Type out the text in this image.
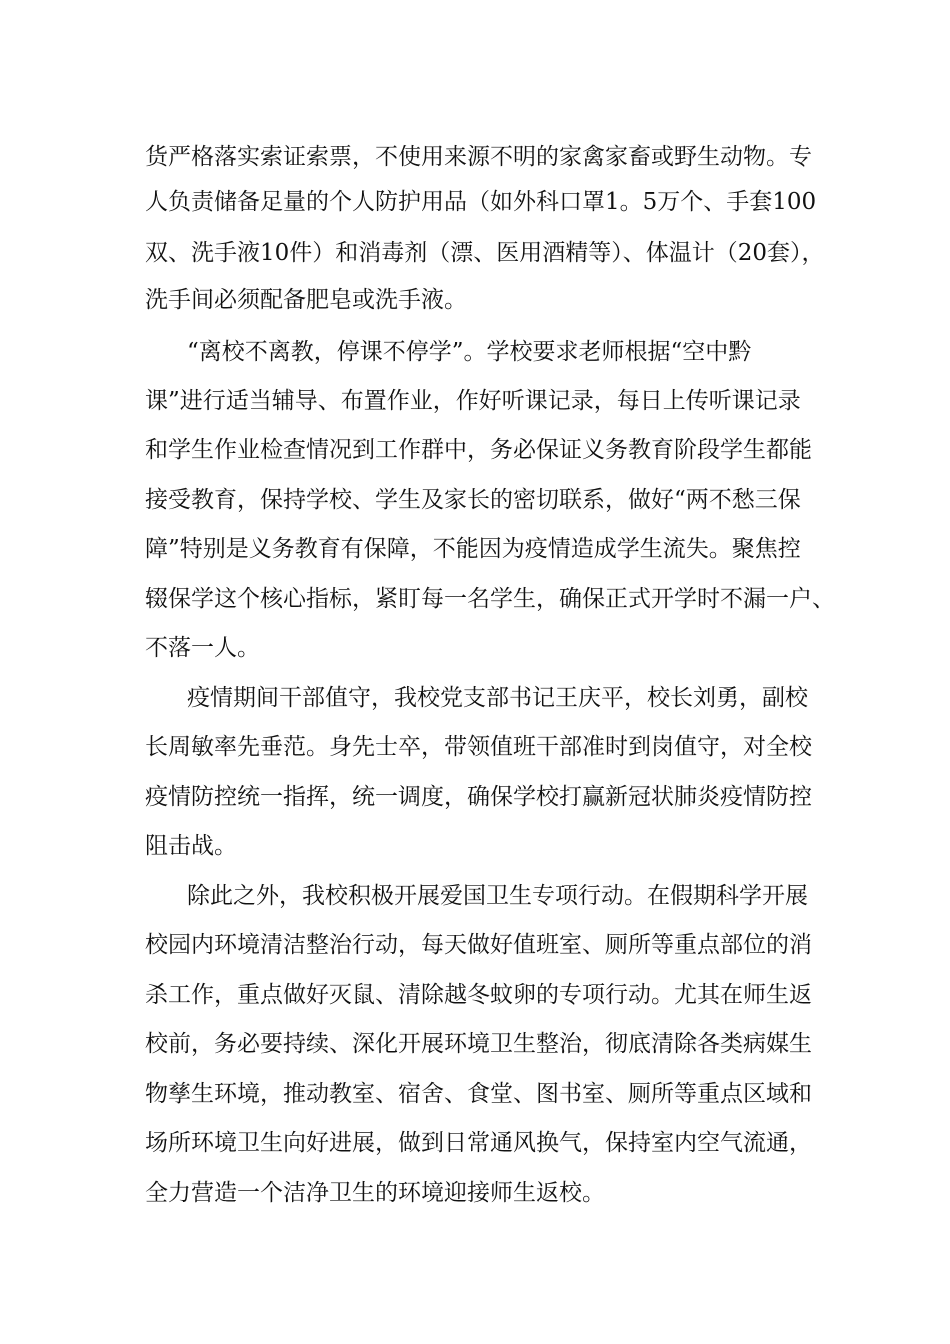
货严格落实索证索票，不使用来源不明的家禽家畜或野生动物。专

人负责储备足量的个人防护用品（如外科口罩1。5万个、手套100

双、洗手液10件）和消毒剂（漂、医用酒精等）、体温计（20套），

洗手间必须配备肥皂或洗手液。

“离校不离教，停课不停学”。学校要求老师根据“空中黔

课”进行适当辅导、布置作业，作好听课记录，每日上传听课记录

和学生作业检查情况到工作群中，务必保证义务教育阶段学生都能

接受教育，保持学校、学生及家长的密切联系，做好“两不愁三保

障”特别是义务教育有保障，不能因为疫情造成学生流失。聚焦控

辍保学这个核心指标，紧盯每一名学生，确保正式开学时不漏一户、

不落一人。

疫情期间干部值守，我校党支部书记王庆平，校长刘勇，副校

长周敏率先垂范。身先士卒，带领值班干部准时到岗值守，对全校

疫情防控统一指挥，统一调度，确保学校打赢新冠状肺炎疫情防控

阻击战。

除此之外，我校积极开展爱国卫生专项行动。在假期科学开展

校园内环境清洁整治行动，每天做好值班室、厕所等重点部位的消

杀工作，重点做好灭鼠、清除越冬蚊卵的专项行动。尤其在师生返

校前，务必要持续、深化开展环境卫生整治，彻底清除各类病媒生

物孳生环境，推动教室、宿舍、食堂、图书室、厕所等重点区域和

场所环境卫生向好进展，做到日常通风换气，保持室内空气流通，

全力营造一个洁净卫生的环境迎接师生返校。
